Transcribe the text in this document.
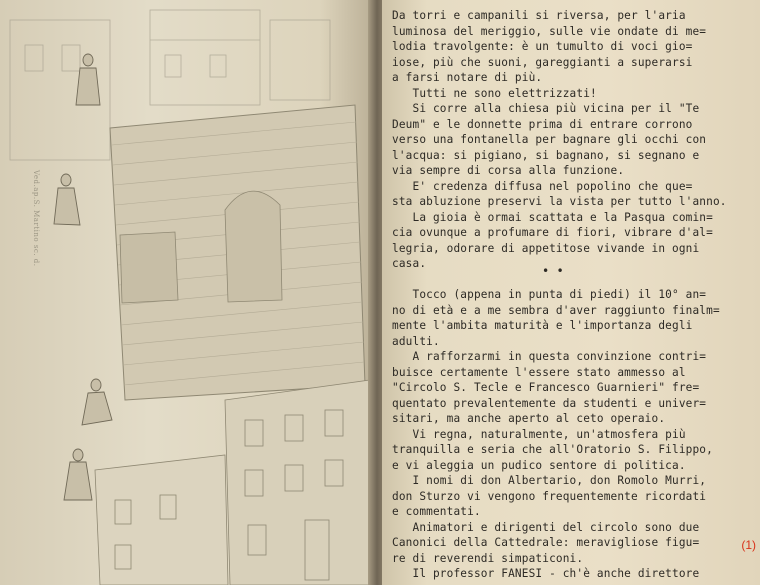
Ved.ap.S. Martino sc. d.
Da torri e campanili si riversa, per l'aria
luminosa del meriggio, sulle vie ondate di me=
lodia travolgente: è un tumulto di voci gio=
iose, più che suoni, gareggianti a superarsi
a farsi notare di più.
Tutti ne sono elettrizzati!
Si corre alla chiesa più vicina per il "Te
Deum" e le donnette prima di entrare corrono
verso una fontanella per bagnare gli occhi con
l'acqua: si pigiano, si bagnano, si segnano e
via sempre di corsa alla funzione.
E' credenza diffusa nel popolino che que=
sta abluzione preservi la vista per tutto l'anno.
La gioia è ormai scattata e la Pasqua comin=
cia ovunque a profumare di fiori, vibrare d'al=
legria, odorare di appetitose vivande in ogni
casa.
Tocco (appena in punta di piedi) il 10° an=
no di età e a me sembra d'aver raggiunto finalm=
mente l'ambita maturità e l'importanza degli
adulti.
A rafforzarmi in questa convinzione contri=
buisce certamente l'essere stato ammesso al
"Circolo S. Tecle e Francesco Guarnieri" fre=
quentato prevalentemente da studenti e univer=
sitari, ma anche aperto al ceto operaio.
Vi regna, naturalmente, un'atmosfera più
tranquilla e seria che all'Oratorio S. Filippo,
e vi aleggia un pudico sentore di politica.
I nomi di don Albertario, don Romolo Murri,
don Sturzo vi vengono frequentemente ricordati
e commentati.
Animatori e dirigenti del circolo sono due
Canonici della Cattedrale: meravigliose figu=
re di reverendi simpaticoni.
Il professor FANESI - ch'è anche direttore
• •
(1)
